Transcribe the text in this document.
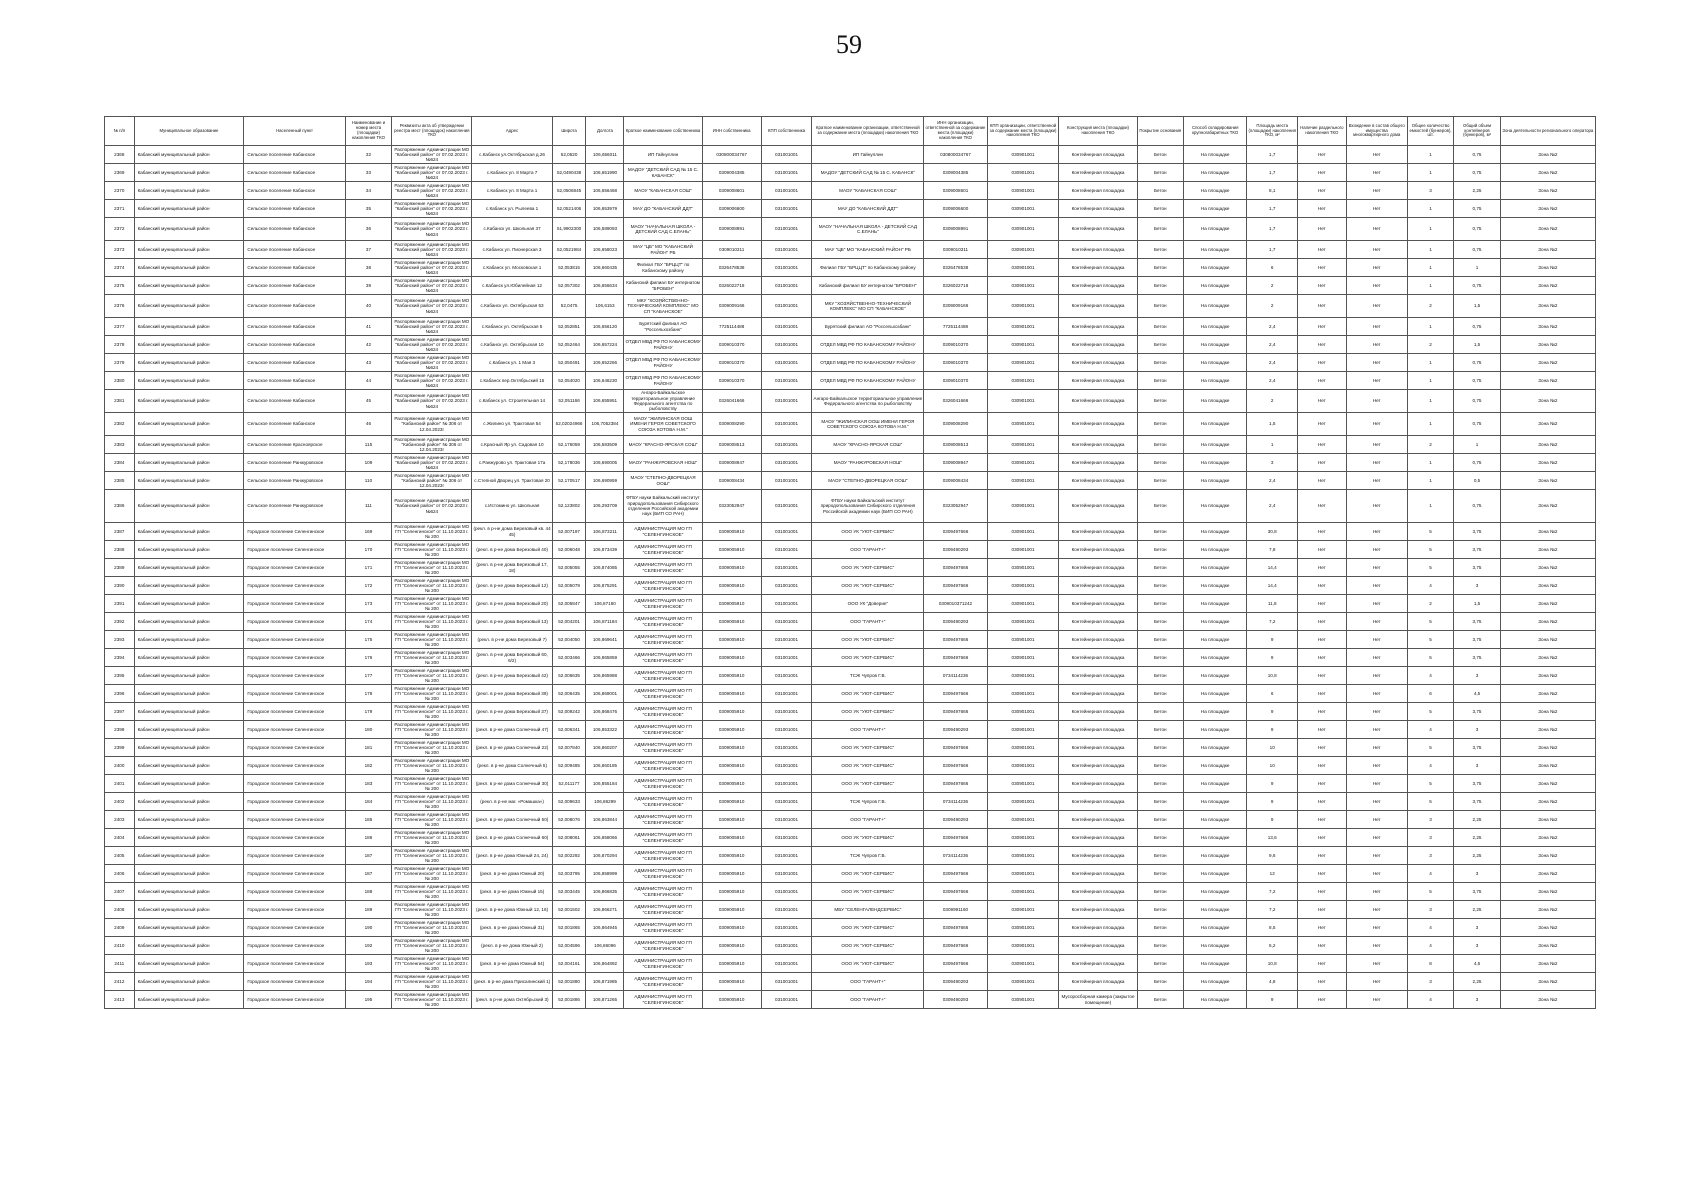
59
№ п/п	Муниципальное образование	Населенный пункт	Наименование и номер места (площадки) накопления ТКО	Реквизиты акта об утверждении реестра мест (площадок) накопления ТКО	Адрес	Широта	Долгота	Краткое наименование собственника	ИНН собственника	КПП собственника	Краткое наименование организации, ответственной за содержание места (площадки) накопления ТКО	ИНН организации, ответственной за содержание места (площадки) накопления ТКО	КПП организации, ответственной за содержание места (площадки) накопления ТКО	Конструкция места (площадки) накопления ТКО	Покрытие основания	Способ складирования крупногабаритных ТКО	Площадь места (площадки) накопления ТКО, м²	Наличие раздельного накопления ТКО	Вхождение в состав общего имущества многоквартирного дома	Общее количество емкостей (бункеров), шт.	Общий объем контейнеров (бункеров), м³	Зона деятельности регионального оператора
2368	Кабанский муниципальный район	Сельское поселение Кабанское	32	Распоряжение Администрации МО "Кабанский район" от 07.02.2023 г. №624	с.Кабанск ул.Октябрьская д.26	52,0520	106,656011	ИП Гайнуллин	030800034767	031001001	ИП Гайнуллин	030800034767	030901001	Контейнерная площадка	Бетон	На площадке	1,7	Нет	Нет	1	0,75	Зона №2
2369	Кабанский муниципальный район	Сельское поселение Кабанское	33	Распоряжение Администрации МО "Кабанский район" от 07.02.2023 г. №624	с.Кабанск ул. 8 Марта 7	52,0490438	106,651990	МАДОУ "ДЕТСКИЙ САД № 15 С. КАБАНСК"	0309004385	031001001	МАДОУ "ДЕТСКИЙ САД № 15 С. КАБАНСК"	0309004385	030901001	Контейнерная площадка	Бетон	На площадке	1,7	Нет	Нет	1	0,75	Зона №2
2370	Кабанский муниципальный район	Сельское поселение Кабанское	34	Распоряжение Администрации МО "Кабанский район" от 07.02.2023 г. №624	с.Кабанск ул. 8 Марта 1	52,0506845	106,656468	МАОУ "КАБАНСКАЯ СОШ"	0309008601	031001001	МАОУ "КАБАНСКАЯ СОШ"	0309008601	030901001	Контейнерная площадка	Бетон	На площадке	8,1	Нет	Нет	3	2,25	Зона №2
2371	Кабанский муниципальный район	Сельское поселение Кабанское	35	Распоряжение Администрации МО "Кабанский район" от 07.02.2023 г. №624	с.Кабанск ул. Рылеева 1	52,0521406	106,653979	МАУ ДО "КАБАНСКИЙ ДДТ"	0309006600	031001001	МАУ ДО "КАБАНСКИЙ ДДТ"	0309006600	030901001	Контейнерная площадка	Бетон	На площадке	1,7	Нет	Нет	1	0,75	Зона №2
2372	Кабанский муниципальный район	Сельское поселение Кабанское	36	Распоряжение Администрации МО "Кабанский район" от 07.02.2023 г. №624	с.Кабанск ул. Школьная 37	51,9902300	106,589093	МАОУ "НАЧАЛЬНАЯ ШКОЛА - ДЕТСКИЙ САД С.ЕЛАНЬ"	0309008991	031001001	МАОУ "НАЧАЛЬНАЯ ШКОЛА - ДЕТСКИЙ САД С.ЕЛАНЬ"	0309008991	030901001	Контейнерная площадка	Бетон	На площадке	1,7	Нет	Нет	1	0,75	Зона №2
2373	Кабанский муниципальный район	Сельское поселение Кабанское	37	Распоряжение Администрации МО "Кабанский район" от 07.02.2023 г. №624	с.Кабанск ул. Пионерская 3	52,0521984	106,658023	МАУ "ЦБ" МО "КАБАНСКИЙ РАЙОН" РБ	0309010311	031001001	МАУ "ЦБ" МО "КАБАНСКИЙ РАЙОН" РБ	0309010311	030901001	Контейнерная площадка	Бетон	На площадке	1,7	Нет	Нет	1	0,75	Зона №2
2374	Кабанский муниципальный район	Сельское поселение Кабанское	38	Распоряжение Администрации МО "Кабанский район" от 07.02.2023 г. №624	с.Кабанск ул. Московская 1	52,053815	106,660435	Филиал ГБУ "БРЦЦТ" по Кабанскому району	0326478538	031001001	Филиал ГБУ "БРЦЦТ" по Кабанскому району	0326478538	030901001	Контейнерная площадка	Бетон	На площадке	6	Нет	Нет	1	1	Зона №2
2375	Кабанский муниципальный район	Сельское поселение Кабанское	39	Распоряжение Администрации МО "Кабанский район" от 07.02.2023 г. №624	с.Кабанск ул.Юбилейная 12	52,057302	106,656634	Кабанский филиал БУ интернатом "БРОБЕН"	0326022718	031001001	Кабанский филиал БУ интернатом "БРОБЕН"	0326022718	030901001	Контейнерная площадка	Бетон	На площадке	2	Нет	Нет	1	0,75	Зона №2
2376	Кабанский муниципальный район	Сельское поселение Кабанское	40	Распоряжение Администрации МО "Кабанский район" от 07.02.2023 г. №624	с.Кабанск ул. Октябрьская 53	52,0475	106,6153	МКУ "ХОЗЯЙСТВЕННО-ТЕХНИЧЕСКИЙ КОМПЛЕКС" МО СП "КАБАНСКОЕ"	0309009166	031001001	МКУ "ХОЗЯЙСТВЕННО-ТЕХНИЧЕСКИЙ КОМПЛЕКС" МО СП "КАБАНСКОЕ"	0309009166	030901001	Контейнерная площадка	Бетон	На площадке	2	Нет	Нет	2	1,5	Зона №2
2377	Кабанский муниципальный район	Сельское поселение Кабанское	41	Распоряжение Администрации МО "Кабанский район" от 07.02.2023 г. №624	с.Кабанск ул. Октябрьская 5	52,052851	106,656120	Бурятский филиал АО "Россельхозбанк"	7725114488	031001001	Бурятский филиал АО "Россельхозбанк"	7725114488	030901001	Контейнерная площадка	Бетон	На площадке	2,4	Нет	Нет	1	0,75	Зона №2
2378	Кабанский муниципальный район	Сельское поселение Кабанское	42	Распоряжение Администрации МО "Кабанский район" от 07.02.2023 г. №624	с.Кабанск ул. Октябрьская 10	52,052464	106,657224	ОТДЕЛ МВД РФ ПО КАБАНСКОМУ РАЙОНУ	0309010370	031001001	ОТДЕЛ МВД РФ ПО КАБАНСКОМУ РАЙОНУ	0309010370	030901001	Контейнерная площадка	Бетон	На площадке	2,4	Нет	Нет	2	1,5	Зона №2
2379	Кабанский муниципальный район	Сельское поселение Кабанское	43	Распоряжение Администрации МО "Кабанский район" от 07.02.2023 г. №624	с.Кабанск ул. 1 Мая 3	52,050491	106,652266	ОТДЕЛ МВД РФ ПО КАБАНСКОМУ РАЙОНУ	0309010370	031001001	ОТДЕЛ МВД РФ ПО КАБАНСКОМУ РАЙОНУ	0309010370	030901001	Контейнерная площадка	Бетон	На площадке	2,4	Нет	Нет	1	0,75	Зона №2
2380	Кабанский муниципальный район	Сельское поселение Кабанское	44	Распоряжение Администрации МО "Кабанский район" от 07.02.2023 г. №624	с.Кабанск пер.Октябрьский 15	52,054020	106,646230	ОТДЕЛ МВД РФ ПО КАБАНСКОМУ РАЙОНУ	0309010370	031001001	ОТДЕЛ МВД РФ ПО КАБАНСКОМУ РАЙОНУ	0309010370	030901001	Контейнерная площадка	Бетон	На площадке	2,4	Нет	Нет	1	0,75	Зона №2
2381	Кабанский муниципальный район	Сельское поселение Кабанское	45	Распоряжение Администрации МО "Кабанский район" от 07.02.2023 г. №624	с.Кабанск ул. Строительная 14	52,051166	106,655951	Ангаро-Байкальское территориальное управление Федерального агентства по рыболовству	0326041666	031001001	Ангаро-Байкальское территориальное управление Федерального агентства по рыболовству	0326041666	030901001	Контейнерная площадка	Бетон	На площадке	2	Нет	Нет	1	0,75	Зона №2
2382	Кабанский муниципальный район	Сельское поселение Кабанское	46	Распоряжение Администрации МО "Кабанский район" № 306 от 12.04.2023г	с.Жилино ул. Трактовая 54	52,02024966	106,7052384	МАОУ "ЖИЛИНСКАЯ ООШ ИМЕНИ ГЕРОЯ СОВЕТСКОГО СОЮЗА КОТОВА Н.М."	0309008290	031001001	МАОУ "ЖИЛИНСКАЯ ООШ ИМЕНИ ГЕРОЯ СОВЕТСКОГО СОЮЗА КОТОВА Н.М."	0309008290	030901001	Контейнерная площадка	Бетон	На площадке	1,5	Нет	Нет	1	0,75	Зона №2
2383	Кабанский муниципальный район	Сельское поселение Красноярское	115	Распоряжение Администрации МО "Кабанский район" № 306 от 12.04.2023г	с.Красный Яр ул. Садовая 10	52,176059	106,583509	МАОУ "КРАСНО-ЯРСКАЯ СОШ"	0309008513	031001001	МАОУ "КРАСНО-ЯРСКАЯ СОШ"	0309008513	030901001	Контейнерная площадка	Бетон	На площадке	1	Нет	Нет	2	1	Зона №2
2384	Кабанский муниципальный район	Сельское поселение Ранжуровское	109	Распоряжение Администрации МО "Кабанский район" от 07.02.2023 г. №624	с.Ранжурово ул. Трактовая 17а	52,178036	106,690005	МАОУ "РАНЖУРОВСКАЯ НОШ"	0309008947	031001001	МАОУ "РАНЖУРОВСКАЯ НОШ"	0309008947	030901001	Контейнерная площадка	Бетон	На площадке	3	Нет	Нет	1	0,75	Зона №2
2385	Кабанский муниципальный район	Сельское поселение Ранжуровское	110	Распоряжение Администрации МО "Кабанский район" № 306 от 12.04.2023г	с.Степной Дворец ул. Трактовая 20	52,170517	106,690959	МАОУ "СТЕПНО-ДВОРЕЦКАЯ ООШ"	0309008434	031001001	МАОУ "СТЕПНО-ДВОРЕЦКАЯ ООШ"	0309008434	030901001	Контейнерная площадка	Бетон	На площадке	2,4	Нет	Нет	1	0,5	Зона №2
2386	Кабанский муниципальный район	Сельское поселение Ранжуровское	111	Распоряжение Администрации МО "Кабанский район" от 07.02.2023 г. №624	с.Истомино ул. Школьная	52,123802	106,293709	ФГБУ науки Байкальский институт природопользования Сибирского отделения Российской академии наук (БИП СО РАН)	0323052947	031001001	ФГБУ науки Байкальский институт природопользования Сибирского отделения Российской академии наук (БИП СО РАН)	0323052947	030901001	Контейнерная площадка	Бетон	На площадке	2,4	Нет	Нет	1	0,75	Зона №2
2387	Кабанский муниципальный район	Городское поселение Селенгинское	169	Распоряжение Администрации МО ГП "Селенгинское" от 11.10.2023 г. № 200	(рекл. в р-не дома Березовый кв. 44 45)	52,007197	106,873211	АДМИНИСТРАЦИЯ МО ГП "СЕЛЕНГИНСКОЕ"	0309005910	031001001	ООО УК "УЮТ-СЕРВИС"	0309497666	030901001	Контейнерная площадка	Бетон	На площадке	30,8	Нет	Нет	5	3,75	Зона №2
2388	Кабанский муниципальный район	Городское поселение Селенгинское	170	Распоряжение Администрации МО ГП "Селенгинское" от 11.10.2023 г. № 200	(рекл. в р-не дома Березовый 40)	52,006048	106,873439	АДМИНИСТРАЦИЯ МО ГП "СЕЛЕНГИНСКОЕ"	0309005910	031001001	ООО "ГАРАНТ+"	0309490293	030901001	Контейнерная площадка	Бетон	На площадке	7,8	Нет	Нет	5	3,75	Зона №2
2389	Кабанский муниципальный район	Городское поселение Селенгинское	171	Распоряжение Администрации МО ГП "Селенгинское" от 11.10.2023 г. № 200	(рекл. в р-не дома Березовый 17, 18)	52,005055	106,874085	АДМИНИСТРАЦИЯ МО ГП "СЕЛЕНГИНСКОЕ"	0309005910	031001001	ООО УК "УЮТ-СЕРВИС"	0309497666	030901001	Контейнерная площадка	Бетон	На площадке	14,4	Нет	Нет	5	3,75	Зона №2
2390	Кабанский муниципальный район	Городское поселение Селенгинское	172	Распоряжение Администрации МО ГП "Селенгинское" от 11.10.2023 г. № 200	(рекл. в р-не дома Березовый 12)	52,005079	106,875291	АДМИНИСТРАЦИЯ МО ГП "СЕЛЕНГИНСКОЕ"	0309005910	031001001	ООО УК "УЮТ-СЕРВИС"	0309497666	030901001	Контейнерная площадка	Бетон	На площадке	14,4	Нет	Нет	4	3	Зона №2
2391	Кабанский муниципальный район	Городское поселение Селенгинское	173	Распоряжение Администрации МО ГП "Селенгинское" от 11.10.2023 г. № 200	(рекл. в р-не дома Березовый 20)	52,005847	106,87160	АДМИНИСТРАЦИЯ МО ГП "СЕЛЕНГИНСКОЕ"	0309005910	031001001	ООО УК "Доверие"	0309010371242	030901001	Контейнерная площадка	Бетон	На площадке	11,8	Нет	Нет	2	1,5	Зона №2
2392	Кабанский муниципальный район	Городское поселение Селенгинское	174	Распоряжение Администрации МО ГП "Селенгинское" от 11.10.2023 г. № 200	(рекл. в р-не дома Березовый 13)	52,004201	106,871184	АДМИНИСТРАЦИЯ МО ГП "СЕЛЕНГИНСКОЕ"	0309005910	031001001	ООО "ГАРАНТ+"	0309490293	030901001	Контейнерная площадка	Бетон	На площадке	7,2	Нет	Нет	5	3,75	Зона №2
2393	Кабанский муниципальный район	Городское поселение Селенгинское	175	Распоряжение Администрации МО ГП "Селенгинское" от 11.10.2023 г. № 200	(рекл. в р-не дома Березовый 7)	52,004050	106,869641	АДМИНИСТРАЦИЯ МО ГП "СЕЛЕНГИНСКОЕ"	0309005910	031001001	ООО УК "УЮТ-СЕРВИС"	0309497666	030901001	Контейнерная площадка	Бетон	На площадке	9	Нет	Нет	5	3,75	Зона №2
2394	Кабанский муниципальный район	Городское поселение Селенгинское	176	Распоряжение Администрации МО ГП "Селенгинское" от 11.10.2023 г. № 200	(рекл. в р-не дома Березовый 60, 6/2)	52,003466	106,865859	АДМИНИСТРАЦИЯ МО ГП "СЕЛЕНГИНСКОЕ"	0309005910	031001001	ООО УК "УЮТ-СЕРВИС"	0309497666	030901001	Контейнерная площадка	Бетон	На площадке	9	Нет	Нет	5	3,75	Зона №2
2395	Кабанский муниципальный район	Городское поселение Селенгинское	177	Распоряжение Администрации МО ГП "Селенгинское" от 11.10.2023 г. № 200	(рекл. в р-не дома Березовый 42)	52,006635	106,865988	АДМИНИСТРАЦИЯ МО ГП "СЕЛЕНГИНСКОЕ"	0309005910	031001001	ТСЖ Чупров Г.В.	0734114236	030901001	Контейнерная площадка	Бетон	На площадке	10,8	Нет	Нет	4	3	Зона №2
2396	Кабанский муниципальный район	Городское поселение Селенгинское	178	Распоряжение Администрации МО ГП "Селенгинское" от 11.10.2023 г. № 200	(рекл. в р-не дома Березовый 39)	52,006435	106,869001	АДМИНИСТРАЦИЯ МО ГП "СЕЛЕНГИНСКОЕ"	0309005910	031001001	ООО УК "УЮТ-СЕРВИС"	0309497666	030901001	Контейнерная площадка	Бетон	На площадке	6	Нет	Нет	6	4,5	Зона №2
2397	Кабанский муниципальный район	Городское поселение Селенгинское	179	Распоряжение Администрации МО ГП "Селенгинское" от 11.10.2023 г. № 200	(рекл. в р-не дома Березовый 37)	52,009242	106,868476	АДМИНИСТРАЦИЯ МО ГП "СЕЛЕНГИНСКОЕ"	0309005910	031001001	ООО УК "УЮТ-СЕРВИС"	0309497666	030901001	Контейнерная площадка	Бетон	На площадке	9	Нет	Нет	5	3,75	Зона №2
2398	Кабанский муниципальный район	Городское поселение Селенгинское	180	Распоряжение Администрации МО ГП "Селенгинское" от 11.10.2023 г. № 200	(рекл. в р-не дома Солнечный 47)	52,006341	106,853322	АДМИНИСТРАЦИЯ МО ГП "СЕЛЕНГИНСКОЕ"	0309005910	031001001	ООО "ГАРАНТ+"	0309490293	030901001	Контейнерная площадка	Бетон	На площадке	9	Нет	Нет	4	3	Зона №2
2399	Кабанский муниципальный район	Городское поселение Селенгинское	181	Распоряжение Администрации МО ГП "Селенгинское" от 11.10.2023 г. № 200	(рекл. в р-не дома Солнечный 22)	52,007840	106,860207	АДМИНИСТРАЦИЯ МО ГП "СЕЛЕНГИНСКОЕ"	0309005910	031001001	ООО УК "УЮТ-СЕРВИС"	0309497666	030901001	Контейнерная площадка	Бетон	На площадке	10	Нет	Нет	5	3,75	Зона №2
2400	Кабанский муниципальный район	Городское поселение Селенгинское	182	Распоряжение Администрации МО ГП "Селенгинское" от 11.10.2023 г. № 200	(рекл. в р-не дома Солнечный 5)	52,009485	106,860185	АДМИНИСТРАЦИЯ МО ГП "СЕЛЕНГИНСКОЕ"	0309005910	031001001	ООО УК "УЮТ-СЕРВИС"	0309497666	030901001	Контейнерная площадка	Бетон	На площадке	10	Нет	Нет	4	3	Зона №2
2401	Кабанский муниципальный район	Городское поселение Селенгинское	183	Распоряжение Администрации МО ГП "Селенгинское" от 11.10.2023 г. № 200	(рекл. в р-не дома Солнечный 30)	52,011177	106,855184	АДМИНИСТРАЦИЯ МО ГП "СЕЛЕНГИНСКОЕ"	0309005910	031001001	ООО УК "УЮТ-СЕРВИС"	0309497666	030901001	Контейнерная площадка	Бетон	На площадке	9	Нет	Нет	5	3,75	Зона №2
2402	Кабанский муниципальный район	Городское поселение Селенгинское	184	Распоряжение Администрации МО ГП "Селенгинское" от 11.10.2023 г. № 200	(рекл. в р-не маг. «Ромашка»)	52,009633	106,86299	АДМИНИСТРАЦИЯ МО ГП "СЕЛЕНГИНСКОЕ"	0309005910	031001001	ТСЖ Чупров Г.В.	0734114236	030901001	Контейнерная площадка	Бетон	На площадке	9	Нет	Нет	5	3,75	Зона №2
2403	Кабанский муниципальный район	Городское поселение Селенгинское	185	Распоряжение Администрации МО ГП "Селенгинское" от 11.10.2023 г. № 200	(рекл. в р-не дома Солнечный 50)	52,008076	106,863844	АДМИНИСТРАЦИЯ МО ГП "СЕЛЕНГИНСКОЕ"	0309005910	031001001	ООО "ГАРАНТ+"	0309490293	030901001	Контейнерная площадка	Бетон	На площадке	9	Нет	Нет	3	2,25	Зона №2
2404	Кабанский муниципальный район	Городское поселение Селенгинское	186	Распоряжение Администрации МО ГП "Селенгинское" от 11.10.2023 г. № 200	(рекл. в р-не дома Солнечный 60)	52,008061	106,858066	АДМИНИСТРАЦИЯ МО ГП "СЕЛЕНГИНСКОЕ"	0309005910	031001001	ООО УК "УЮТ-СЕРВИС"	0309497666	030901001	Контейнерная площадка	Бетон	На площадке	13,6	Нет	Нет	3	2,25	Зона №2
2405	Кабанский муниципальный район	Городское поселение Селенгинское	187	Распоряжение Администрации МО ГП "Селенгинское" от 11.10.2023 г. № 200	(рекл. в р-не дома Южный 24, 24)	52,002292	106,870294	АДМИНИСТРАЦИЯ МО ГП "СЕЛЕНГИНСКОЕ"	0309005910	031001001	ТСЖ Чупров Г.В.	0734114236	030901001	Контейнерная площадка	Бетон	На площадке	9,6	Нет	Нет	3	2,25	Зона №2
2406	Кабанский муниципальный район	Городское поселение Селенгинское	187	Распоряжение Администрации МО ГП "Селенгинское" от 11.10.2023 г. № 200	(рекл. в р-не дома Южный 20)	52,003795	106,858999	АДМИНИСТРАЦИЯ МО ГП "СЕЛЕНГИНСКОЕ"	0309005910	031001001	ООО УК "УЮТ-СЕРВИС"	0309497666	030901001	Контейнерная площадка	Бетон	На площадке	12	Нет	Нет	4	3	Зона №2
2407	Кабанский муниципальный район	Городское поселение Селенгинское	188	Распоряжение Администрации МО ГП "Селенгинское" от 11.10.2023 г. № 200	(рекл. в р-не дома Южный 15)	52,003445	106,866835	АДМИНИСТРАЦИЯ МО ГП "СЕЛЕНГИНСКОЕ"	0309005910	031001001	ООО УК "УЮТ-СЕРВИС"	0309497666	030901001	Контейнерная площадка	Бетон	На площадке	7,2	Нет	Нет	5	3,75	Зона №2
2408	Кабанский муниципальный район	Городское поселение Селенгинское	189	Распоряжение Администрации МО ГП "Селенгинское" от 11.10.2023 г. № 200	(рекл. в р-не дома Южный 12, 16)	52,001502	106,866271	АДМИНИСТРАЦИЯ МО ГП "СЕЛЕНГИНСКОЕ"	0309005910	031001001	МБУ "СЕЛЕНГАЛЕНДСЕРВИС"	0309991160	030901001	Контейнерная площадка	Бетон	На площадке	7,2	Нет	Нет	3	2,25	Зона №2
2409	Кабанский муниципальный район	Городское поселение Селенгинское	190	Распоряжение Администрации МО ГП "Селенгинское" от 11.10.2023 г. № 200	(рекл. в р-не дома Южный 31)	52,001865	106,864945	АДМИНИСТРАЦИЯ МО ГП "СЕЛЕНГИНСКОЕ"	0309005910	031001001	ООО УК "УЮТ-СЕРВИС"	0309497666	030901001	Контейнерная площадка	Бетон	На площадке	8,5	Нет	Нет	4	3	Зона №2
2410	Кабанский муниципальный район	Городское поселение Селенгинское	192	Распоряжение Администрации МО ГП "Селенгинское" от 11.10.2023 г. № 200	(рекл. в р-не дома Южный 2)	52,004596	106,86096	АДМИНИСТРАЦИЯ МО ГП "СЕЛЕНГИНСКОЕ"	0309005910	031001001	ООО УК "УЮТ-СЕРВИС"	0309497666	030901001	Контейнерная площадка	Бетон	На площадке	5,2	Нет	Нет	4	3	Зона №2
2411	Кабанский муниципальный район	Городское поселение Селенгинское	193	Распоряжение Администрации МО ГП "Селенгинское" от 11.10.2023 г. № 200	(рекл. в р-не дома Южный 54)	52,004161	106,864892	АДМИНИСТРАЦИЯ МО ГП "СЕЛЕНГИНСКОЕ"	0309005910	031001001	ООО УК "УЮТ-СЕРВИС"	0309497666	030901001	Контейнерная площадка	Бетон	На площадке	10,8	Нет	Нет	8	4,5	Зона №2
2412	Кабанский муниципальный район	Городское поселение Селенгинское	194	Распоряжение Администрации МО ГП "Селенгинское" от 11.10.2023 г. № 200	(рекл. в р-не дома Присалинский 1)	52,001880	106,871985	АДМИНИСТРАЦИЯ МО ГП "СЕЛЕНГИНСКОЕ"	0309005910	031001001	ООО "ГАРАНТ+"	0309490293	030901001	Контейнерная площадка	Бетон	На площадке	4,8	Нет	Нет	3	2,25	Зона №2
2413	Кабанский муниципальный район	Городское поселение Селенгинское	195	Распоряжение Администрации МО ГП "Селенгинское" от 11.10.2023 г. № 200	(рекл. в р-не дома Октябрьский 3)	52,001886	106,871265	АДМИНИСТРАЦИЯ МО ГП "СЕЛЕНГИНСКОЕ"	0309005910	031001001	ООО "ГАРАНТ+"	0309490293	030901001	Мусоросборная камера (закрытое помещение)	Бетон	На площадке	9	Нет	Нет	4	3	Зона №2
